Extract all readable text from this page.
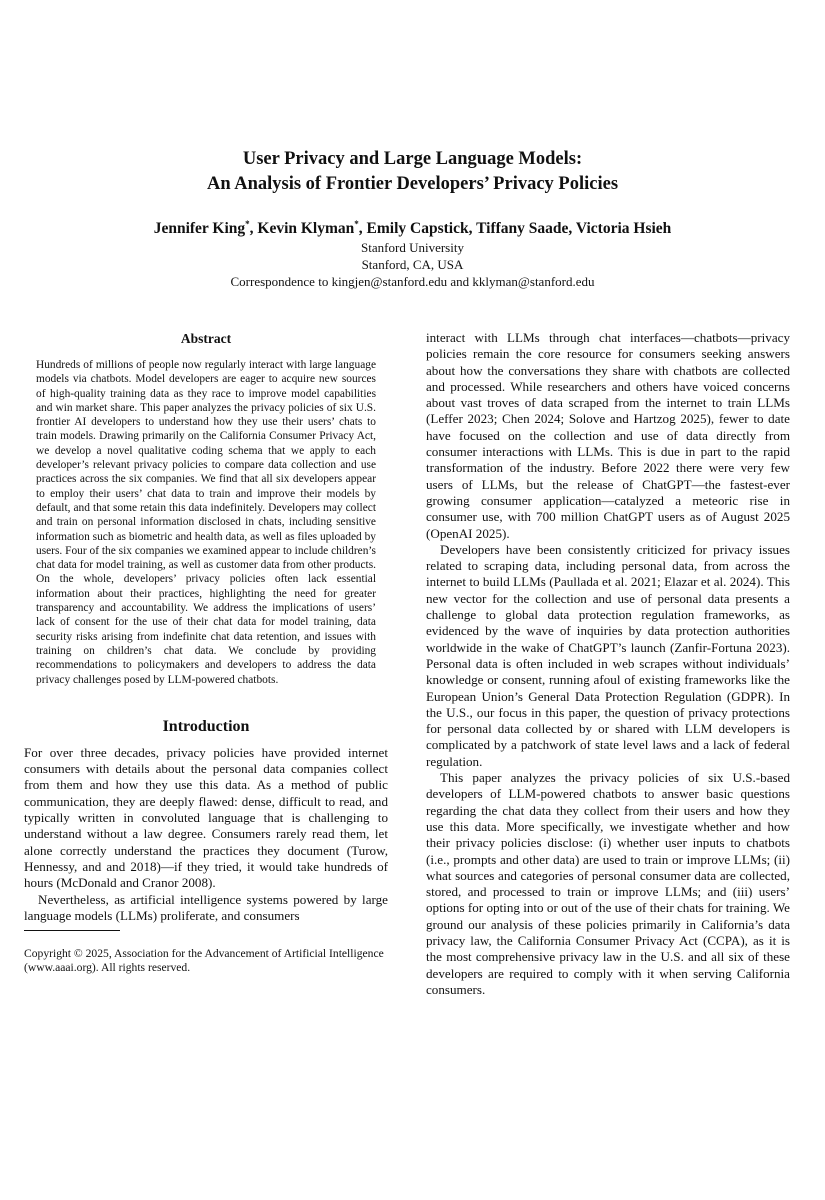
User Privacy and Large Language Models:
An Analysis of Frontier Developers’ Privacy Policies
Jennifer King*, Kevin Klyman*, Emily Capstick, Tiffany Saade, Victoria Hsieh
Stanford University
Stanford, CA, USA
Correspondence to kingjen@stanford.edu and kklyman@stanford.edu
Abstract

Hundreds of millions of people now regularly interact with large language models via chatbots. Model developers are eager to acquire new sources of high-quality training data as they race to improve model capabilities and win market share. This paper analyzes the privacy policies of six U.S. frontier AI developers to understand how they use their users’ chats to train models. Drawing primarily on the California Consumer Privacy Act, we develop a novel qualitative coding schema that we apply to each developer’s relevant privacy policies to compare data collection and use practices across the six companies. We find that all six developers appear to employ their users’ chat data to train and improve their models by default, and that some retain this data indefinitely. Developers may collect and train on personal information disclosed in chats, including sensitive information such as biometric and health data, as well as files uploaded by users. Four of the six companies we examined appear to include children’s chat data for model training, as well as customer data from other products. On the whole, developers’ privacy policies often lack essential information about their practices, highlighting the need for greater transparency and accountability. We address the implications of users’ lack of consent for the use of their chat data for model training, data security risks arising from indefinite chat data retention, and issues with training on children’s chat data. We conclude by providing recommendations to policymakers and developers to address the data privacy challenges posed by LLM-powered chatbots.

Introduction

For over three decades, privacy policies have provided internet consumers with details about the personal data companies collect from them and how they use this data. As a method of public communication, they are deeply flawed: dense, difficult to read, and typically written in convoluted language that is challenging to understand without a law degree. Consumers rarely read them, let alone correctly understand the practices they document (Turow, Hennessy, and and 2018)—if they tried, it would take hundreds of hours (McDonald and Cranor 2008).

Nevertheless, as artificial intelligence systems powered by large language models (LLMs) proliferate, and consumers

Copyright © 2025, Association for the Advancement of Artificial Intelligence (www.aaai.org). All rights reserved.

interact with LLMs through chat interfaces—chatbots—privacy policies remain the core resource for consumers seeking answers about how the conversations they share with chatbots are collected and processed. While researchers and others have voiced concerns about vast troves of data scraped from the internet to train LLMs (Leffer 2023; Chen 2024; Solove and Hartzog 2025), fewer to date have focused on the collection and use of data directly from consumer interactions with LLMs. This is due in part to the rapid transformation of the industry. Before 2022 there were very few users of LLMs, but the release of ChatGPT—the fastest-ever growing consumer application—catalyzed a meteoric rise in consumer use, with 700 million ChatGPT users as of August 2025 (OpenAI 2025).

Developers have been consistently criticized for privacy issues related to scraping data, including personal data, from across the internet to build LLMs (Paullada et al. 2021; Elazar et al. 2024). This new vector for the collection and use of personal data presents a challenge to global data protection regulation frameworks, as evidenced by the wave of inquiries by data protection authorities worldwide in the wake of ChatGPT’s launch (Zanfir-Fortuna 2023). Personal data is often included in web scrapes without individuals’ knowledge or consent, running afoul of existing frameworks like the European Union’s General Data Protection Regulation (GDPR). In the U.S., our focus in this paper, the question of privacy protections for personal data collected by or shared with LLM developers is complicated by a patchwork of state level laws and a lack of federal regulation.

This paper analyzes the privacy policies of six U.S.-based developers of LLM-powered chatbots to answer basic questions regarding the chat data they collect from their users and how they use this data. More specifically, we investigate whether and how their privacy policies disclose: (i) whether user inputs to chatbots (i.e., prompts and other data) are used to train or improve LLMs; (ii) what sources and categories of personal consumer data are collected, stored, and processed to train or improve LLMs; and (iii) users’ options for opting into or out of the use of their chats for training. We ground our analysis of these policies primarily in California’s data privacy law, the California Consumer Privacy Act (CCPA), as it is the most comprehensive privacy law in the U.S. and all six of these developers are required to comply with it when serving California consumers.
